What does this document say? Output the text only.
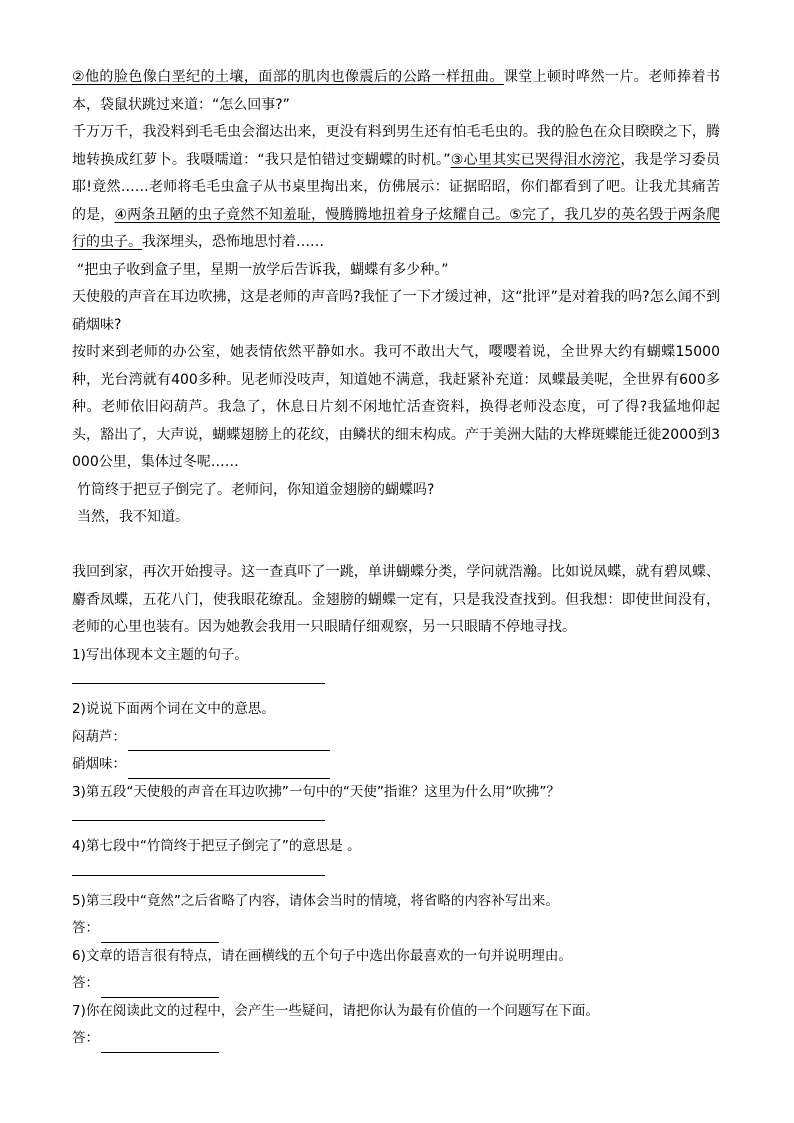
②他的脸色像白垩纪的土壤，面部的肌肉也像震后的公路一样扭曲。课堂上顿时哗然一片。老师捧着书本，袋鼠状跳过来道：“怎么回事?”

千万万千，我没料到毛毛虫会溜达出来，更没有料到男生还有怕毛毛虫的。我的脸色在众目睽睽之下，腾地转换成红萝卜。我嗫嚅道：“我只是怕错过变蝴蝶的时机。”③心里其实已哭得泪水滂沱，我是学习委员耶!竟然……老师将毛毛虫盒子从书桌里掏出来，仿佛展示：证据昭昭，你们都看到了吧。让我尤其痛苦的是，④两条丑陋的虫子竟然不知羞耻，慢腾腾地扭着身子炫耀自己。⑤完了，我几岁的英名毁于两条爬行的虫子。我深埋头，恐怖地思忖着……

“把虫子收到盒子里，星期一放学后告诉我，蝴蝶有多少种。”

天使般的声音在耳边吹拂，这是老师的声音吗?我怔了一下才缓过神，这“批评”是对着我的吗?怎么闻不到硝烟味?

按时来到老师的办公室，她表情依然平静如水。我可不敢出大气，嘤嘤着说，全世界大约有蝴蝶15000种，光台湾就有400多种。见老师没吱声，知道她不满意，我赶紧补充道：凤蝶最美呢，全世界有600多种。老师依旧闷葫芦。我急了，休息日片刻不闲地忙活查资料，换得老师没态度，可了得?我猛地仰起头，豁出了，大声说，蝴蝶翅膀上的花纹，由鳞状的细末构成。产于美洲大陆的大桦斑蝶能迁徙2000到3000公里，集体过冬呢……

竹筒终于把豆子倒完了。老师问，你知道金翅膀的蝴蝶吗?

当然，我不知道。

我回到家，再次开始搜寻。这一查真吓了一跳，单讲蝴蝶分类，学问就浩瀚。比如说凤蝶，就有碧凤蝶、麝香凤蝶，五花八门，使我眼花缭乱。金翅膀的蝴蝶一定有，只是我没查找到。但我想：即使世间没有，老师的心里也装有。因为她教会我用一只眼睛仔细观察，另一只眼睛不停地寻找。

1)写出体现本文主题的句子。

2)说说下面两个词在文中的意思。

闷葫芦：

硝烟味：

3)第五段“天使般的声音在耳边吹拂”一句中的“天使”指谁？这里为什么用“吹拂”？

4)第七段中“竹筒终于把豆子倒完了”的意思是 。

5)第三段中“竟然”之后省略了内容，请体会当时的情境，将省略的内容补写出来。

答：

6)文章的语言很有特点，请在画横线的五个句子中选出你最喜欢的一句并说明理由。

答：

7)你在阅读此文的过程中，会产生一些疑问，请把你认为最有价值的一个问题写在下面。

答：
